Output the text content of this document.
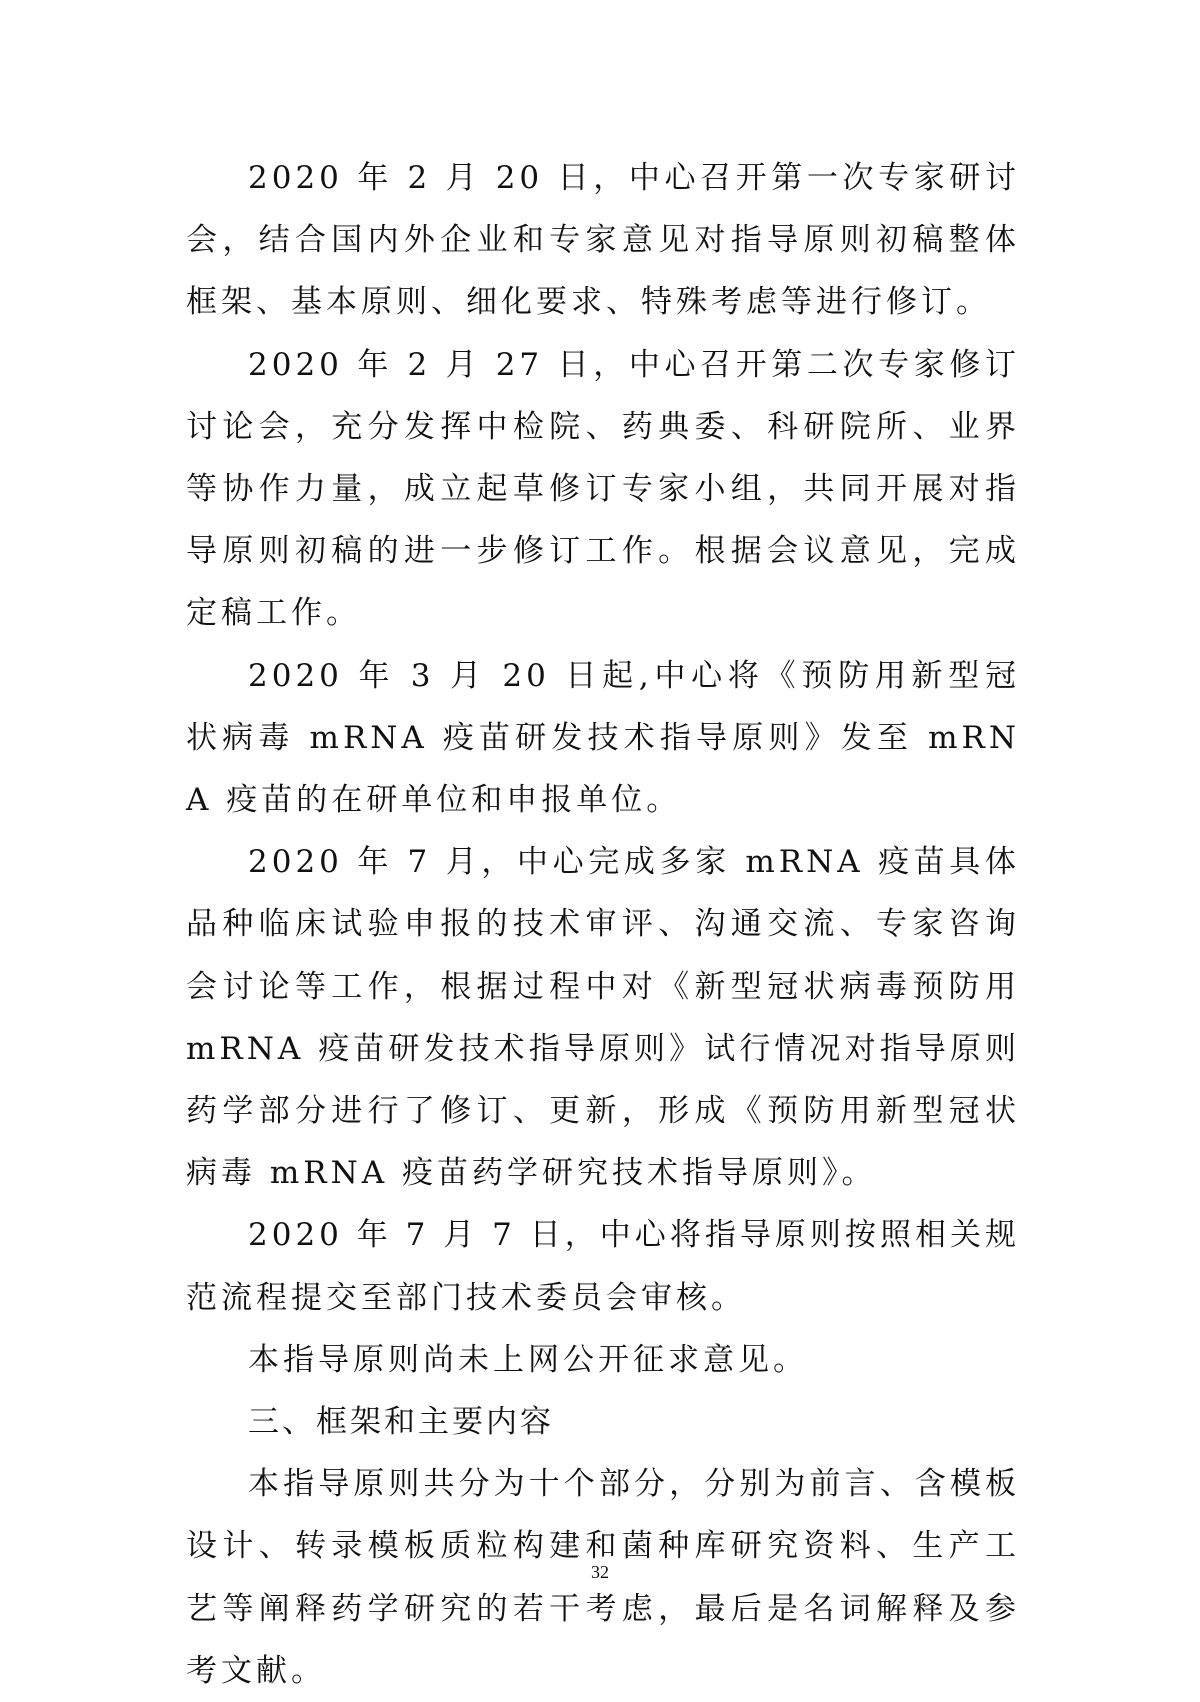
2020 年 2 月 20 日，中心召开第一次专家研讨会，结合国内外企业和专家意见对指导原则初稿整体框架、基本原则、细化要求、特殊考虑等进行修订。

2020 年 2 月 27 日，中心召开第二次专家修订讨论会，充分发挥中检院、药典委、科研院所、业界等协作力量，成立起草修订专家小组，共同开展对指导原则初稿的进一步修订工作。根据会议意见，完成定稿工作。

2020 年 3 月 20 日起,中心将《预防用新型冠状病毒 mRNA 疫苗研发技术指导原则》发至 mRNA 疫苗的在研单位和申报单位。

2020 年 7 月，中心完成多家 mRNA 疫苗具体品种临床试验申报的技术审评、沟通交流、专家咨询会讨论等工作，根据过程中对《新型冠状病毒预防用 mRNA 疫苗研发技术指导原则》试行情况对指导原则药学部分进行了修订、更新，形成《预防用新型冠状病毒 mRNA 疫苗药学研究技术指导原则》。

2020 年 7 月 7 日，中心将指导原则按照相关规范流程提交至部门技术委员会审核。

本指导原则尚未上网公开征求意见。

三、框架和主要内容

本指导原则共分为十个部分，分别为前言、含模板设计、转录模板质粒构建和菌种库研究资料、生产工艺等阐释药学研究的若干考虑，最后是名词解释及参考文献。

32
